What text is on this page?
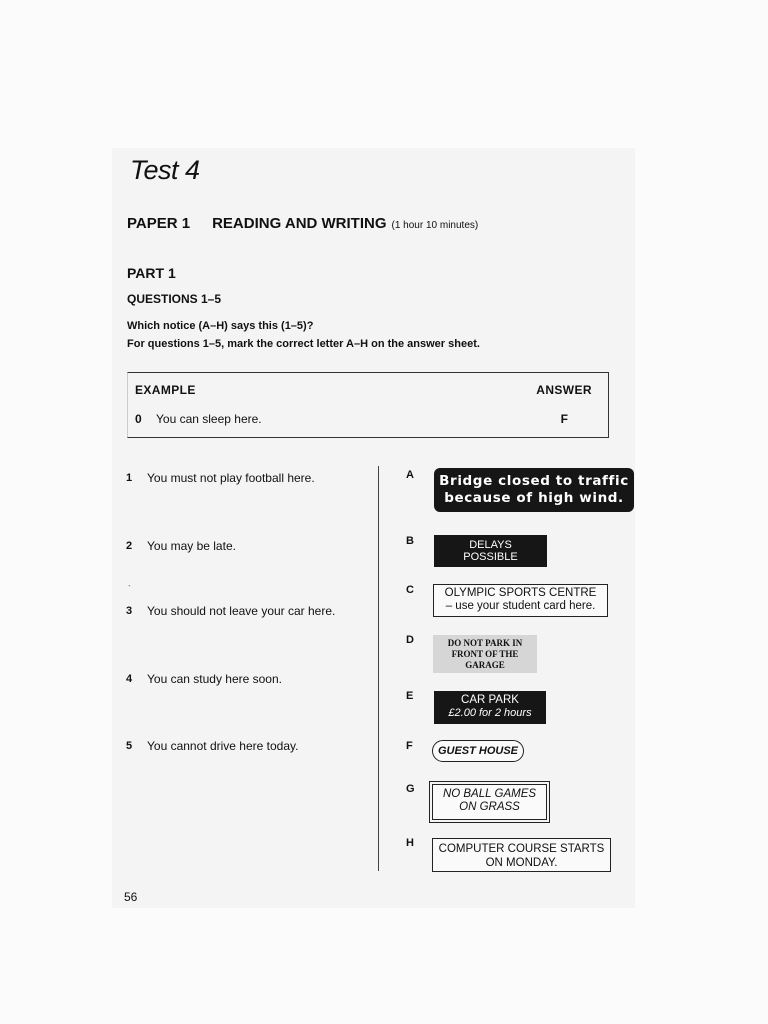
Test 4
PAPER 1 READING AND WRITING (1 hour 10 minutes)
PART 1
QUESTIONS 1–5
Which notice (A–H) says this (1–5)?
For questions 1–5, mark the correct letter A–H on the answer sheet.
EXAMPLE	ANSWER
0 You can sleep here.	F
1 You must not play football here.
2 You may be late.
`
3 You should not leave your car here.
4 You can study here soon.
5 You cannot drive here today.
A
B
C
D
E
F
G
H
Bridge closed to traffic
because of high wind.
DELAYS
POSSIBLE
OLYMPIC SPORTS CENTRE
– use your student card here.
DO NOT PARK IN
FRONT OF THE
GARAGE
CAR PARK
£2.00 for 2 hours
GUEST HOUSE
NO BALL GAMES
ON GRASS
COMPUTER COURSE STARTS
ON MONDAY.
56
